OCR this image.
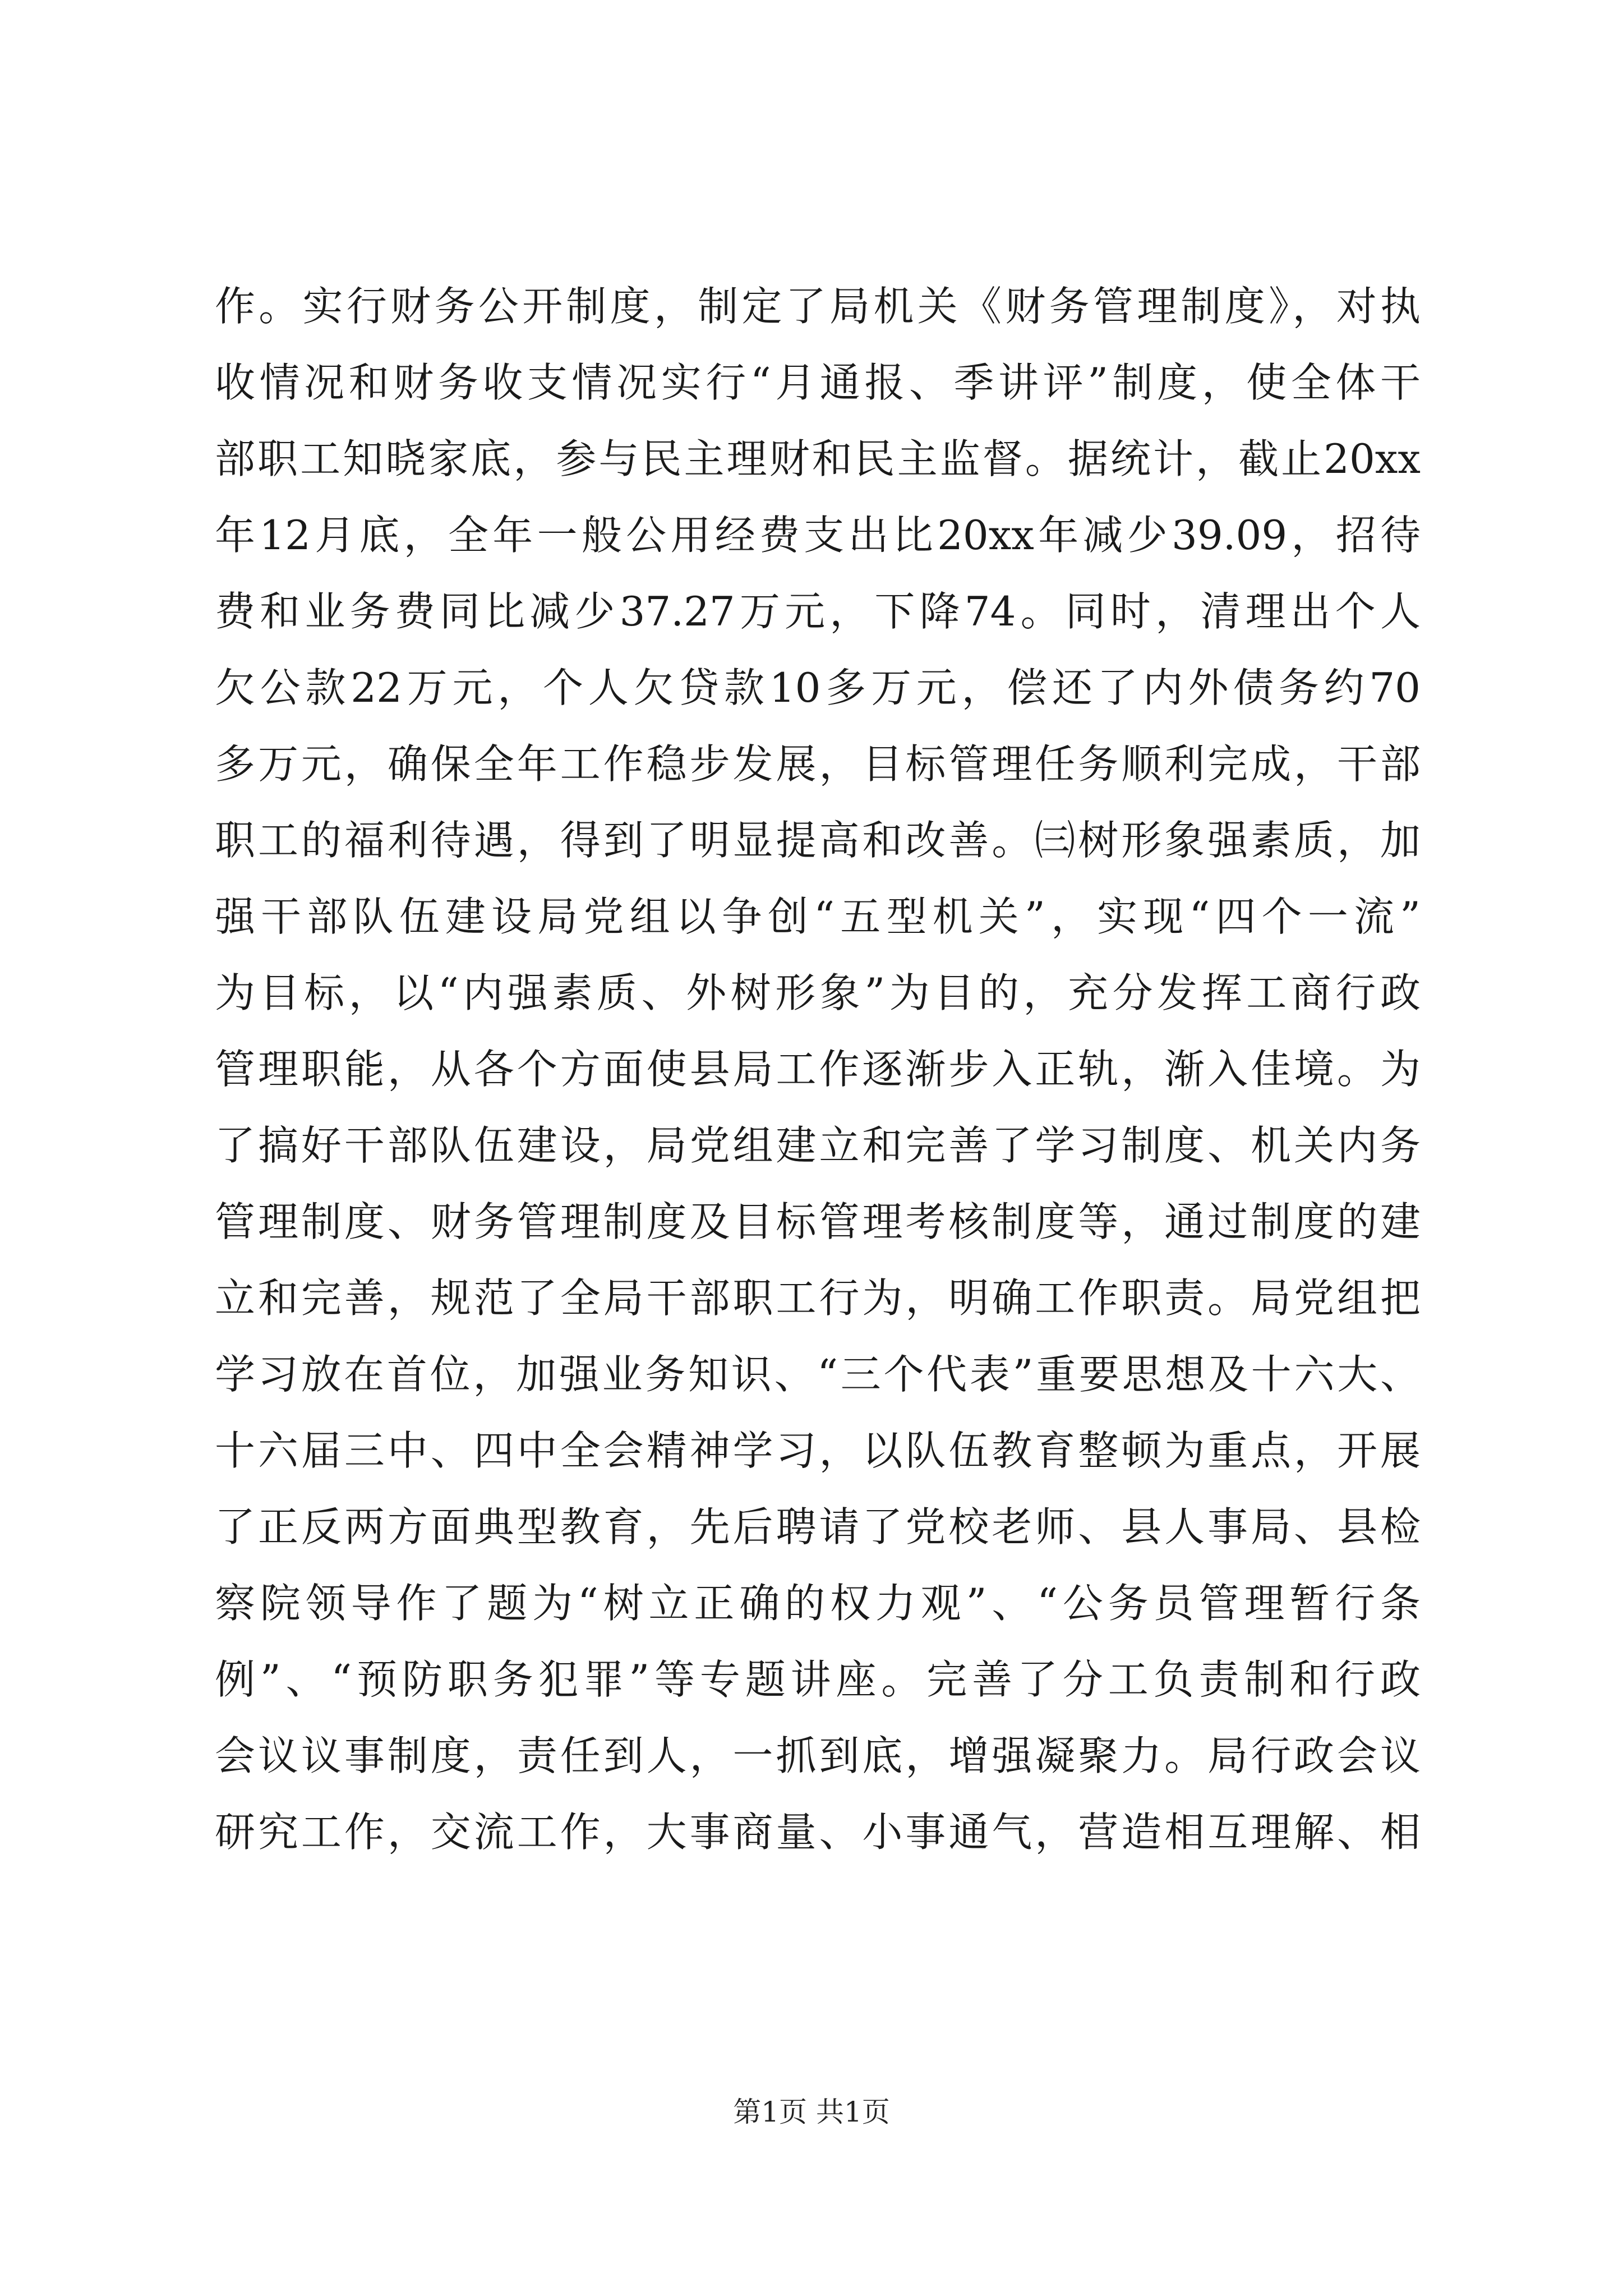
作。实行财务公开制度，制定了局机关《财务管理制度》，对执
收情况和财务收支情况实行“月通报、季讲评”制度，使全体干
部职工知晓家底，参与民主理财和民主监督。据统计，截止20xx
年12月底，全年一般公用经费支出比20xx年减少39.09，招待
费和业务费同比减少37.27万元，下降74。同时，清理出个人
欠公款22万元，个人欠贷款10多万元，偿还了内外债务约70
多万元，确保全年工作稳步发展，目标管理任务顺利完成，干部
职工的福利待遇，得到了明显提高和改善。㈢树形象强素质，加
强干部队伍建设局党组以争创“五型机关”，实现“四个一流”
为目标，以“内强素质、外树形象”为目的，充分发挥工商行政
管理职能，从各个方面使县局工作逐渐步入正轨，渐入佳境。为
了搞好干部队伍建设，局党组建立和完善了学习制度、机关内务
管理制度、财务管理制度及目标管理考核制度等，通过制度的建
立和完善，规范了全局干部职工行为，明确工作职责。局党组把
学习放在首位，加强业务知识、“三个代表”重要思想及十六大、
十六届三中、四中全会精神学习，以队伍教育整顿为重点，开展
了正反两方面典型教育，先后聘请了党校老师、县人事局、县检
察院领导作了题为“树立正确的权力观”、“公务员管理暂行条
例”、“预防职务犯罪”等专题讲座。完善了分工负责制和行政
会议议事制度，责任到人，一抓到底，增强凝聚力。局行政会议
研究工作，交流工作，大事商量、小事通气，营造相互理解、相
第1页 共1页
